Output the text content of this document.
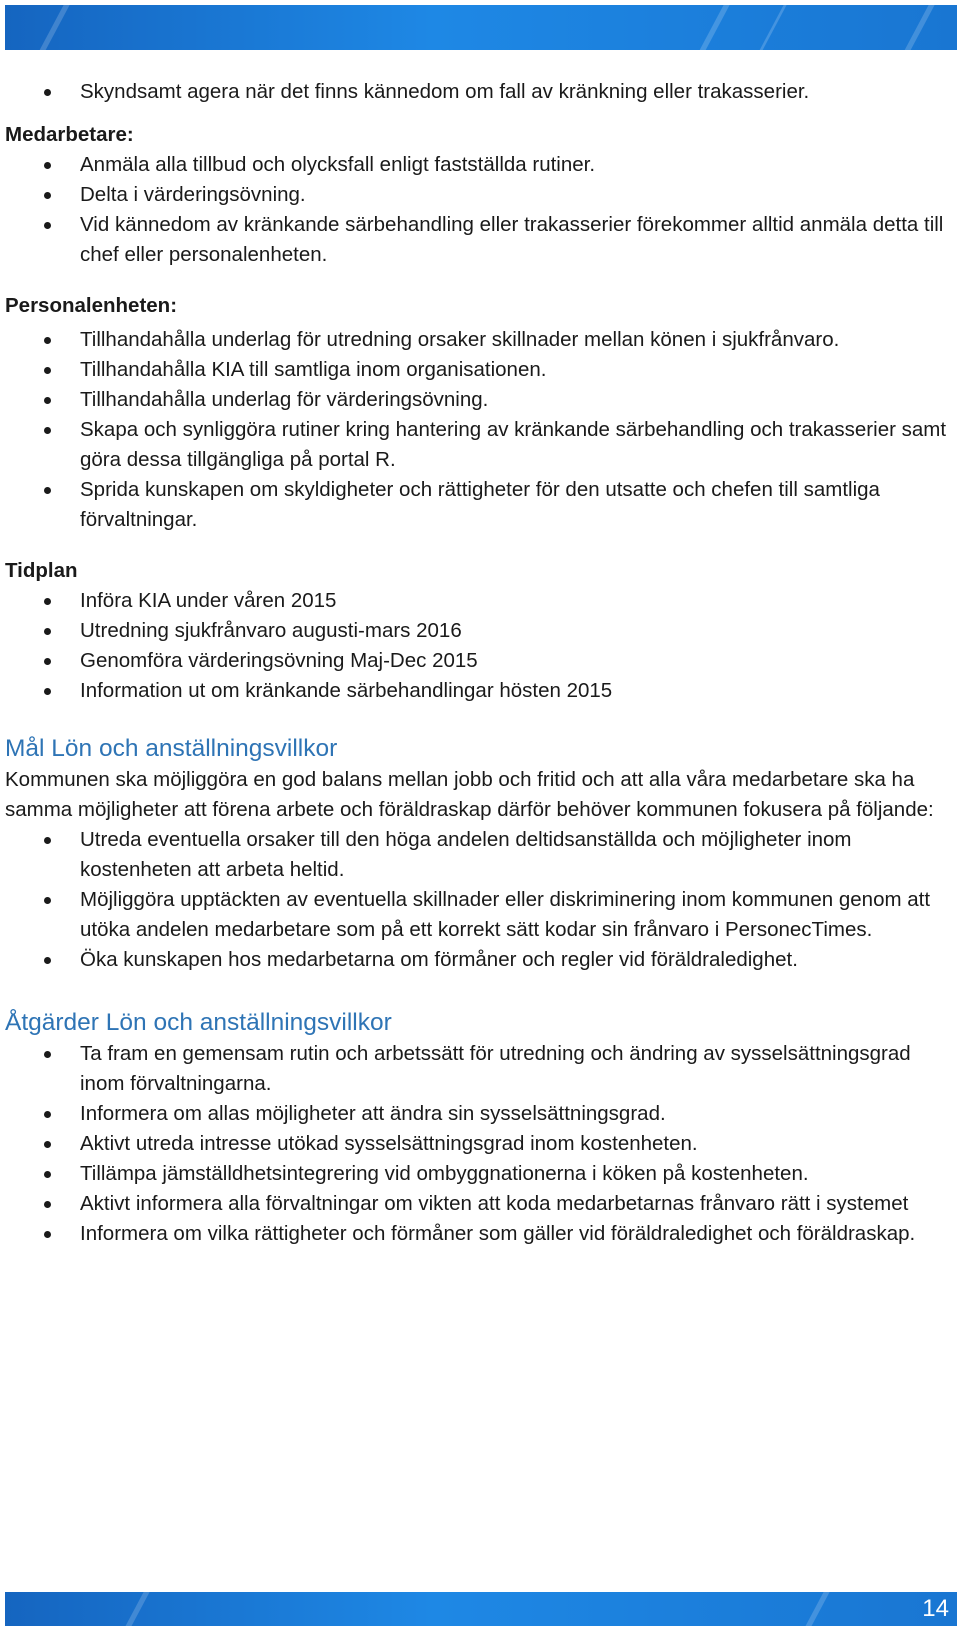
Skyndsamt agera när det finns kännedom om fall av kränkning eller trakasserier.
Medarbetare:
Anmäla alla tillbud och olycksfall enligt fastställda rutiner.
Delta i värderingsövning.
Vid kännedom av kränkande särbehandling eller trakasserier förekommer alltid anmäla detta till chef eller personalenheten.
Personalenheten:
Tillhandahålla underlag för utredning orsaker skillnader mellan könen i sjukfrånvaro.
Tillhandahålla KIA till samtliga inom organisationen.
Tillhandahålla underlag för värderingsövning.
Skapa och synliggöra rutiner kring hantering av kränkande särbehandling och trakasserier samt göra dessa tillgängliga på portal R.
Sprida kunskapen om skyldigheter och rättigheter för den utsatte och chefen till samtliga förvaltningar.
Tidplan
Införa KIA under våren 2015
Utredning sjukfrånvaro augusti-mars 2016
Genomföra värderingsövning Maj-Dec 2015
Information ut om kränkande särbehandlingar hösten 2015
Mål Lön och anställningsvillkor
Kommunen ska möjliggöra en god balans mellan jobb och fritid och att alla våra medarbetare ska ha samma möjligheter att förena arbete och föräldraskap därför behöver kommunen fokusera på följande:
Utreda eventuella orsaker till den höga andelen deltidsanställda och möjligheter inom kostenheten att arbeta heltid.
Möjliggöra upptäckten av eventuella skillnader eller diskriminering inom kommunen genom att utöka andelen medarbetare som på ett korrekt sätt kodar sin frånvaro i PersonecTimes.
Öka kunskapen hos medarbetarna om förmåner och regler vid föräldraledighet.
Åtgärder Lön och anställningsvillkor
Ta fram en gemensam rutin och arbetssätt för utredning och ändring av sysselsättningsgrad inom förvaltningarna.
Informera om allas möjligheter att ändra sin sysselsättningsgrad.
Aktivt utreda intresse utökad sysselsättningsgrad inom kostenheten.
Tillämpa jämställdhetsintegrering vid ombyggnationerna i köken på kostenheten.
Aktivt informera alla förvaltningar om vikten att koda medarbetarnas frånvaro rätt i systemet
Informera om vilka rättigheter och förmåner som gäller vid föräldraledighet och föräldraskap.
14
